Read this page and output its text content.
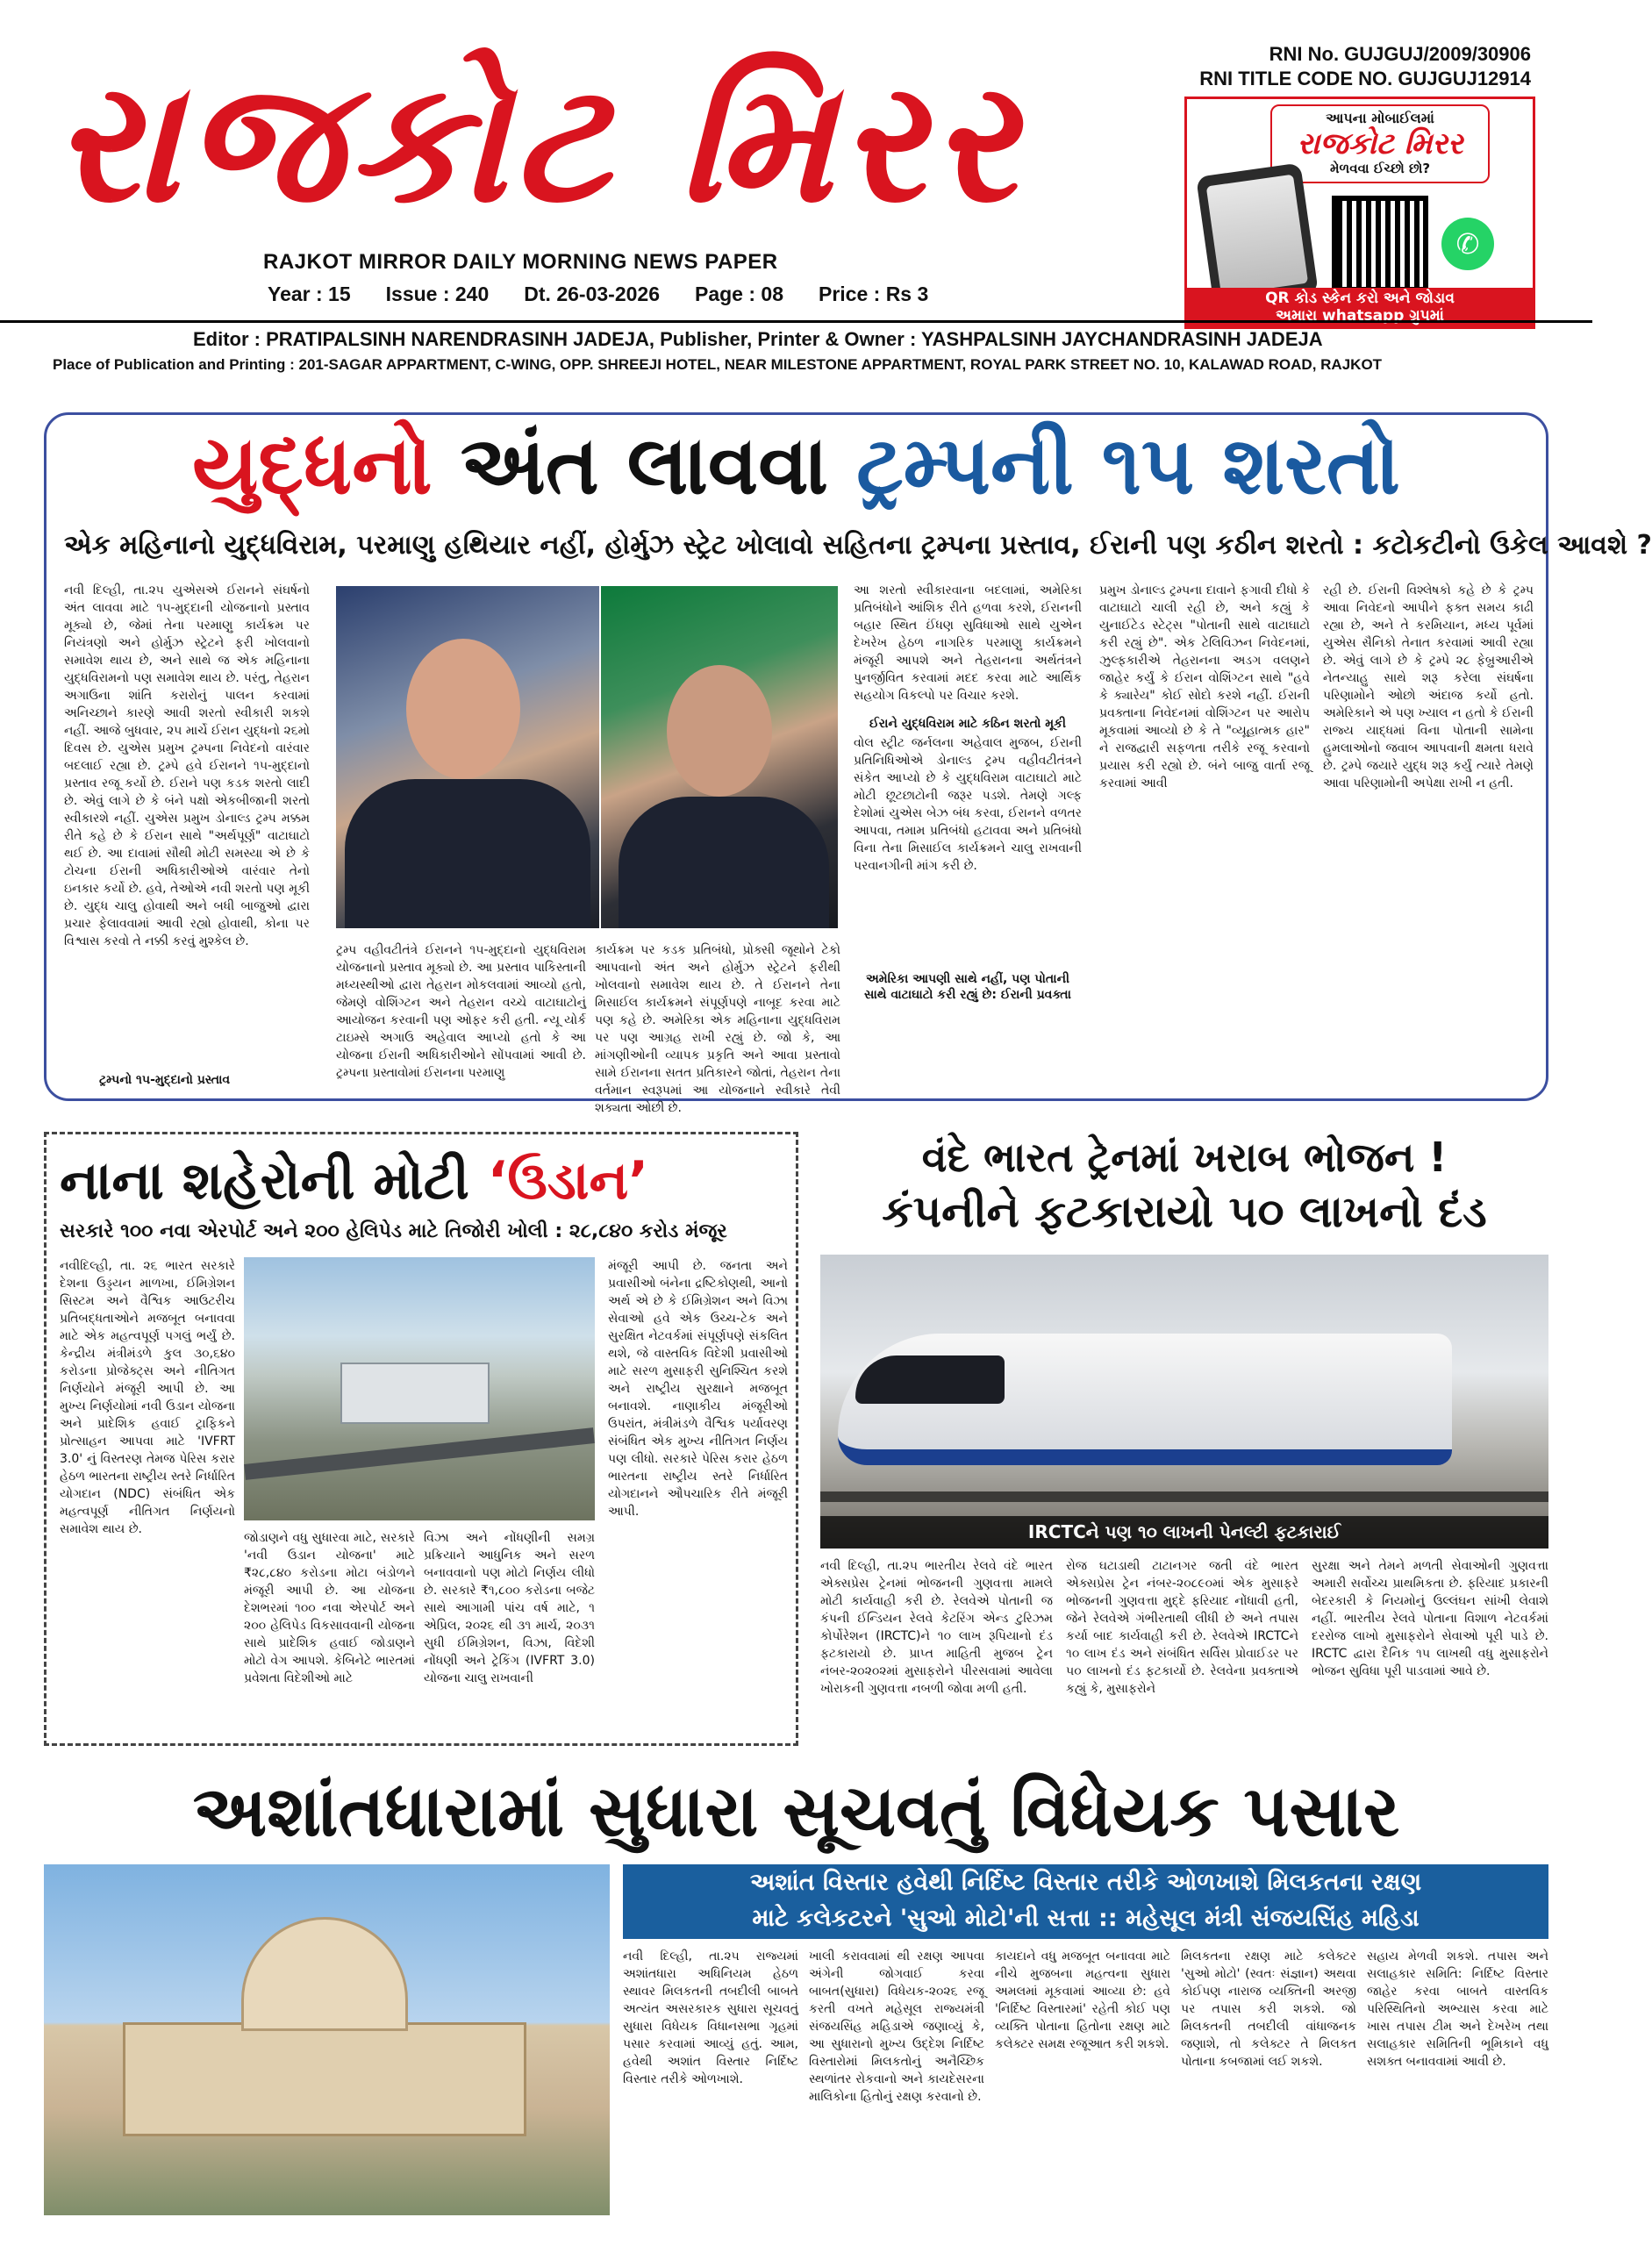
રાજકોટ મિરર
RAJKOT MIRROR DAILY MORNING NEWS PAPER
Year : 15 Issue : 240 Dt. 26-03-2026 Page : 08 Price : Rs 3
RNI No. GUJGUJ/2009/30906
RNI TITLE CODE NO. GUJGUJ12914
આપના મોબાઈલમાં
રાજકોટ મિરર
મેળવવા ઈચ્છો છો?
✆
QR કોડ સ્કેન કરો અને જોડાવ
અમારા whatsapp ગ્રુપમાં
Editor : PRATIPALSINH NARENDRASINH JADEJA, Publisher, Printer & Owner : YASHPALSINH JAYCHANDRASINH JADEJA
Place of Publication and Printing : 201-SAGAR APPARTMENT, C-WING, OPP. SHREEJI HOTEL, NEAR MILESTONE APPARTMENT, ROYAL PARK STREET NO. 10, KALAWAD ROAD, RAJKOT
યુદ્ધનો અંત લાવવા ટ્રમ્પની ૧૫ શરતો
એક મહિનાનો યુદ્ધવિરામ, પરમાણુ હથિયાર નહીં, હોર્મુઝ સ્ટ્રેટ ખોલાવો સહિતના ટ્રમ્પના પ્રસ્તાવ, ઈરાની પણ કઠીન શરતો : કટોકટીનો ઉકેલ આવશે ?
નવી દિલ્હી, તા.૨૫ યુએસએ ઈરાનને સંઘર્ષનો અંત લાવવા માટે ૧૫-મુદ્દાની યોજનાનો પ્રસ્તાવ મૂક્યો છે, જેમાં તેના પરમાણુ કાર્યક્રમ પર નિયંત્રણો અને હોર્મુઝ સ્ટ્રેટને ફરી ખોલવાનો સમાવેશ થાય છે, અને સાથે જ એક મહિનાના યુદ્ધવિરામનો પણ સમાવેશ થાય છે. પરંતુ, તેહરાન અગાઉના શાંતિ કરારોનું પાલન કરવામાં અનિચ્છાને કારણે આવી શરતો સ્વીકારી શકશે નહીં. આજે બુધવાર, ૨૫ માર્ચે ઈરાન યુદ્ધનો ૨૬મો દિવસ છે. યુએસ પ્રમુખ ટ્રમ્પના નિવેદનો વારંવાર બદલાઈ રહ્યા છે. ટ્રમ્પે હવે ઈરાનને ૧૫-મુદ્દાનો પ્રસ્તાવ રજૂ કર્યો છે. ઈરાને પણ કડક શરતો લાદી છે. એવું લાગે છે કે બંને પક્ષો એકબીજાની શરતો સ્વીકારશે નહીં. યુએસ પ્રમુખ ડોનાલ્ડ ટ્રમ્પ મક્કમ રીતે કહે છે કે ઈરાન સાથે "અર્થપૂર્ણ" વાટાઘાટો થઈ છે. આ દાવામાં સૌથી મોટી સમસ્યા એ છે કે ટોચના ઈરાની અધિકારીઓએ વારંવાર તેનો ઇનકાર કર્યો છે. હવે, તેઓએ નવી શરતો પણ મૂકી છે. યુદ્ધ ચાલુ હોવાથી અને બધી બાજુઓ દ્વારા પ્રચાર ફેલાવવામાં આવી રહ્યો હોવાથી, કોના પર વિશ્વાસ કરવો તે નક્કી કરવું મુશ્કેલ છે.
ટ્રમ્પનો ૧૫-મુદ્દાનો પ્રસ્તાવ
ટ્રમ્પ વહીવટીતંત્રે ઈરાનને ૧૫-મુદ્દાનો યુદ્ધવિરામ યોજનાનો પ્રસ્તાવ મૂક્યો છે. આ પ્રસ્તાવ પાકિસ્તાની મધ્યસ્થીઓ દ્વારા તેહરાન મોકલવામાં આવ્યો હતો, જેમણે વોશિંગ્ટન અને તેહરાન વચ્ચે વાટાઘાટોનું આયોજન કરવાની પણ ઓફર કરી હતી. ન્યૂ યોર્ક ટાઇમ્સે અગાઉ અહેવાલ આપ્યો હતો કે આ યોજના ઈરાની અધિકારીઓને સોંપવામાં આવી છે. ટ્રમ્પના પ્રસ્તાવોમાં ઈરાનના પરમાણુ
કાર્યક્રમ પર કડક પ્રતિબંધો, પ્રોક્સી જૂથોને ટેકો આપવાનો અંત અને હોર્મુઝ સ્ટ્રેટને ફરીથી ખોલવાનો સમાવેશ થાય છે. તે ઈરાનને તેના મિસાઈલ કાર્યક્રમને સંપૂર્ણપણે નાબૂદ કરવા માટે પણ કહે છે. અમેરિકા એક મહિનાના યુદ્ધવિરામ પર પણ આગ્રહ રાખી રહ્યું છે. જો કે, આ માંગણીઓની વ્યાપક પ્રકૃતિ અને આવા પ્રસ્તાવો સામે ઈરાનના સતત પ્રતિકારને જોતાં, તેહરાન તેના વર્તમાન સ્વરૂપમાં આ યોજનાને સ્વીકારે તેવી શક્યતા ઓછી છે.
આ શરતો સ્વીકારવાના બદલામાં, અમેરિકા પ્રતિબંધોને આંશિક રીતે હળવા કરશે, ઈરાનની બહાર સ્થિત ઈંધણ સુવિધાઓ સાથે યુએન દેખરેખ હેઠળ નાગરિક પરમાણુ કાર્યક્રમને મંજૂરી આપશે અને તેહરાનના અર્થતંત્રને પુનર્જીવિત કરવામાં મદદ કરવા માટે આર્થિક સહયોગ વિકલ્પો પર વિચાર કરશે.
ઈરાને યુદ્ધવિરામ માટે કઠિન શરતો મૂકી
વોલ સ્ટ્રીટ જર્નલના અહેવાલ મુજબ, ઈરાની પ્રતિનિધિઓએ ડોનાલ્ડ ટ્રમ્પ વહીવટીતંત્રને સંકેત આપ્યો છે કે યુદ્ધવિરામ વાટાઘાટો માટે મોટી છૂટછાટોની જરૂર પડશે. તેમણે ગલ્ફ દેશોમાં યુએસ બેઝ બંધ કરવા, ઈરાનને વળતર આપવા, તમામ પ્રતિબંધો હટાવવા અને પ્રતિબંધો વિના તેના મિસાઈલ કાર્યક્રમને ચાલુ રાખવાની પરવાનગીની માંગ કરી છે.
અમેરિકા આપણી સાથે નહીં, પણ પોતાની સાથે વાટાઘાટો કરી રહ્યું છે: ઈરાની પ્રવક્તા
પ્રમુખ ડોનાલ્ડ ટ્રમ્પના દાવાને ફગાવી દીધો કે વાટાઘાટો ચાલી રહી છે, અને કહ્યું કે યુનાઈટેડ સ્ટેટ્સ "પોતાની સાથે વાટાઘાટો કરી રહ્યું છે". એક ટેલિવિઝન નિવેદનમાં, ઝુલ્ફકારીએ તેહરાનના અડગ વલણને જાહેર કર્યું કે ઈરાન વોશિંગ્ટન સાથે "હવે કે ક્યારેય" કોઈ સોદો કરશે નહીં. ઈરાની પ્રવક્તાના નિવેદનમાં વોશિંગ્ટન પર આરોપ મૂકવામાં આવ્યો છે કે તે "વ્યૂહાત્મક હાર" ને રાજદ્વારી સફળતા તરીકે રજૂ કરવાનો પ્રયાસ કરી રહ્યો છે. બંને બાજુ વાર્તા રજૂ કરવામાં આવી
રહી છે. ઈરાની વિશ્લેષકો કહે છે કે ટ્રમ્પ આવા નિવેદનો આપીને ફક્ત સમય કાઢી રહ્યા છે, અને તે કરમિયાન, મધ્ય પૂર્વમાં યુએસ સૈનિકો તેનાત કરવામાં આવી રહ્યા છે. એવું લાગે છે કે ટ્રમ્પે ૨૮ ફેબ્રુઆરીએ નેતન્યાહુ સાથે શરૂ કરેલા સંઘર્ષના પરિણામોને ઓછો અંદાજ કર્યો હતો. અમેરિકાને એ પણ ખ્યાલ ન હતો કે ઈરાની રાજ્ય યાદ્ધમાં વિના પોતાની સામેના હુમલાઓનો જવાબ આપવાની ક્ષમતા ધરાવે છે. ટ્રમ્પે જયારે યુદ્ધ શરૂ કર્યું ત્યારે તેમણે આવા પરિણામોની અપેક્ષા રાખી ન હતી.
નાના શહેરોની મોટી ‘ઉડાન’
સરકારે ૧૦૦ નવા એરપોર્ટ અને ૨૦૦ હેલિપેડ માટે તિજોરી ખોલી : ૨૮,૮૪૦ કરોડ મંજૂર
નવીદિલ્હી, તા. ૨૬ ભારત સરકારે દેશના ઉડ્ડયન માળખા, ઈમિગ્રેશન સિસ્ટમ અને વૈશ્વિક આઉટરીચ પ્રતિબદ્ધતાઓને મજબૂત બનાવવા માટે એક મહત્વપૂર્ણ પગલું ભર્યું છે. કેન્દ્રીય મંત્રીમંડળે કુલ ૩૦,૬૪૦ કરોડના પ્રોજેક્ટ્સ અને નીતિગત નિર્ણયોને મંજૂરી આપી છે. આ મુખ્ય નિર્ણયોમાં નવી ઉડાન યોજના અને પ્રાદેશિક હવાઈ ટ્રાફિકને પ્રોત્સાહન આપવા માટે 'IVFRT 3.0' નું વિસ્તરણ તેમજ પેરિસ કરાર હેઠળ ભારતના રાષ્ટ્રીય સ્તરે નિર્ધારિત યોગદાન (NDC) સંબંધિત એક મહત્વપૂર્ણ નીતિગત નિર્ણયનો સમાવેશ થાય છે.
જોડાણને વધુ સુધારવા માટે, સરકારે 'નવી ઉડાન યોજના' માટે ₹૨૮,૮૪૦ કરોડના મોટા બંડોળને મંજૂરી આપી છે. આ યોજના દેશભરમાં ૧૦૦ નવા એરપોર્ટ અને ૨૦૦ હેલિપેડ વિકસાવવાની યોજના સાથે પ્રાદેશિક હવાઈ જોડાણને મોટો વેગ આપશે. કેબિનેટે ભારતમાં પ્રવેશતા વિદેશીઓ માટે
વિઝા અને નોંધણીની સમગ્ર પ્રક્રિયાને આધુનિક અને સરળ બનાવવાનો પણ મોટો નિર્ણય લીધો છે. સરકારે ₹૧,૮૦૦ કરોડના બજેટ સાથે આગામી પાંચ વર્ષ માટે, ૧ એપ્રિલ, ૨૦૨૬ થી ૩૧ માર્ચ, ૨૦૩૧ સુધી ઈમિગ્રેશન, વિઝા, વિદેશી નોંધણી અને ટ્રેકિંગ (IVFRT 3.0) યોજના ચાલુ રાખવાની
મંજૂરી આપી છે. જનતા અને પ્રવાસીઓ બંનેના દ્રષ્ટિકોણથી, આનો અર્થ એ છે કે ઈમિગ્રેશન અને વિઝા સેવાઓ હવે એક ઉચ્ચ-ટેક અને સુરક્ષિત નેટવર્કમાં સંપૂર્ણપણે સંકલિત થશે, જે વાસ્તવિક વિદેશી પ્રવાસીઓ માટે સરળ મુસાફરી સુનિશ્ચિત કરશે અને રાષ્ટ્રીય સુરક્ષાને મજબૂત બનાવશે. નાણાકીય મંજૂરીઓ ઉપરાંત, મંત્રીમંડળે વૈશ્વિક પર્યાવરણ સંબંધિત એક મુખ્ય નીતિગત નિર્ણય પણ લીધો. સરકારે પેરિસ કરાર હેઠળ ભારતના રાષ્ટ્રીય સ્તરે નિર્ધારિત યોગદાનને ઔપચારિક રીતે મંજૂરી આપી.
વંદે ભારત ટ્રેનમાં ખરાબ ભોજન !
કંપનીને ફટકારાયો ૫૦ લાખનો દંડ
IRCTCને પણ ૧૦ લાખની પેનલ્ટી ફટકારાઈ
નવી દિલ્હી, તા.૨૫ ભારતીય રેલવે વંદે ભારત એક્સપ્રેસ ટ્રેનમાં ભોજનની ગુણવત્તા મામલે મોટી કાર્યવાહી કરી છે. રેલવેએ પોતાની જ કંપની ઈન્ડિયન રેલવે કેટરિંગ એન્ડ ટુરિઝમ કોર્પોરેશન (IRCTC)ને ૧૦ લાખ રૂપિયાનો દંડ ફટકારાયો છે. પ્રાપ્ત માહિતી મુજબ ટ્રેન નંબર-૨૦૨૦૨માં મુસાફરોને પીરસવામાં આવેલા ખોરાકની ગુણવત્તા નબળી જોવા મળી હતી.
રોજ ઘટાડાથી ટાટાનગર જતી વંદે ભારત એક્સપ્રેસ ટ્રેન નંબર-૨૦૮૯૦માં એક મુસાફરે ભોજનની ગુણવત્તા મુદ્દે ફરિયાદ નોંધાવી હતી, જેને રેલવેએ ગંભીરતાથી લીધી છે અને તપાસ કર્યા બાદ કાર્યવાહી કરી છે. રેલવેએ IRCTCને ૧૦ લાખ દંડ અને સંબંધિત સર્વિસ પ્રોવાઈડર પર ૫૦ લાખનો દંડ ફટકાર્યો છે. રેલવેના પ્રવક્તાએ કહ્યું કે, મુસાફરોને
સુરક્ષા અને તેમને મળતી સેવાઓની ગુણવત્તા અમારી સર્વોચ્ચ પ્રાથમિકતા છે. ફરિયાદ પ્રકારની બેદરકારી કે નિયમોનું ઉલ્લંઘન સાંખી લેવાશે નહીં. ભારતીય રેલવે પોતાના વિશાળ નેટવર્કમાં દરરોજ લાખો મુસાફરોને સેવાઓ પૂરી પાડે છે. IRCTC દ્વારા દૈનિક ૧૫ લાખથી વધુ મુસાફરોને ભોજન સુવિધા પૂરી પાડવામાં આવે છે.
અશાંતધારામાં સુધારા સૂચવતું વિધેયક પસાર
અશાંત વિસ્તાર હવેથી નિર્દિષ્ટ વિસ્તાર તરીકે ઓળખાશે મિલકતના રક્ષણ
માટે કલેકટરને 'સુઓ મોટો'ની સત્તા :: મહેસૂલ મંત્રી સંજયસિંહ મહિડા
નવી દિલ્હી, તા.૨૫ રાજ્યમાં અશાંતધારા અધિનિયમ હેઠળ સ્થાવર મિલકતની તબદીલી બાબતે અત્યંત અસરકારક સુધારા સૂચવતું સુધારા વિધેયક વિધાનસભા ગૃહમાં પસાર કરવામાં આવ્યું હતું. આમ, હવેથી અશાંત વિસ્તાર નિર્દિષ્ટ વિસ્તાર તરીકે ઓળખાશે.
ખાલી કરાવવામાં થી રક્ષણ આપવા અંગેની જોગવાઈ કરવા બાબત(સુધારા) વિધેયક-૨૦૨૬ રજૂ કરતી વખતે મહેસૂલ રાજ્યમંત્રી સંજયસિંહ મહિડાએ જણાવ્યું કે, આ સુધારાનો મુખ્ય ઉદ્દેશ નિર્દિષ્ટ વિસ્તારોમાં મિલકતોનું અનૈચ્છિક સ્થળાંતર રોકવાનો અને કાયદેસરના માલિકોના હિતોનું રક્ષણ કરવાનો છે.
કાયદાને વધુ મજબૂત બનાવવા માટે નીચે મુજબના મહત્વના સુધારા અમલમાં મૂકવામાં આવ્યા છે: હવે 'નિર્દિષ્ટ વિસ્તારમાં' રહેતી કોઈ પણ વ્યક્તિ પોતાના હિતોના રક્ષણ માટે કલેક્ટર સમક્ષ રજૂઆત કરી શકશે.
મિલકતના રક્ષણ માટે કલેક્ટર 'સુઓ મોટો' (સ્વતઃ સંજ્ઞાન) અથવા કોઈપણ નારાજ વ્યક્તિની અરજી પર તપાસ કરી શકશે. જો મિલકતની તબદીલી વાંધાજનક જણાશે, તો કલેક્ટર તે મિલકત પોતાના કબજામાં લઈ શકશે.
સહાય મેળવી શકશે. તપાસ અને સલાહકાર સમિતિ: નિર્દિષ્ટ વિસ્તાર જાહેર કરવા બાબતે વાસ્તવિક પરિસ્થિતિનો અભ્યાસ કરવા માટે ખાસ તપાસ ટીમ અને દેખરેખ તથા સલાહકાર સમિતિની ભૂમિકાને વધુ સશક્ત બનાવવામાં આવી છે.
